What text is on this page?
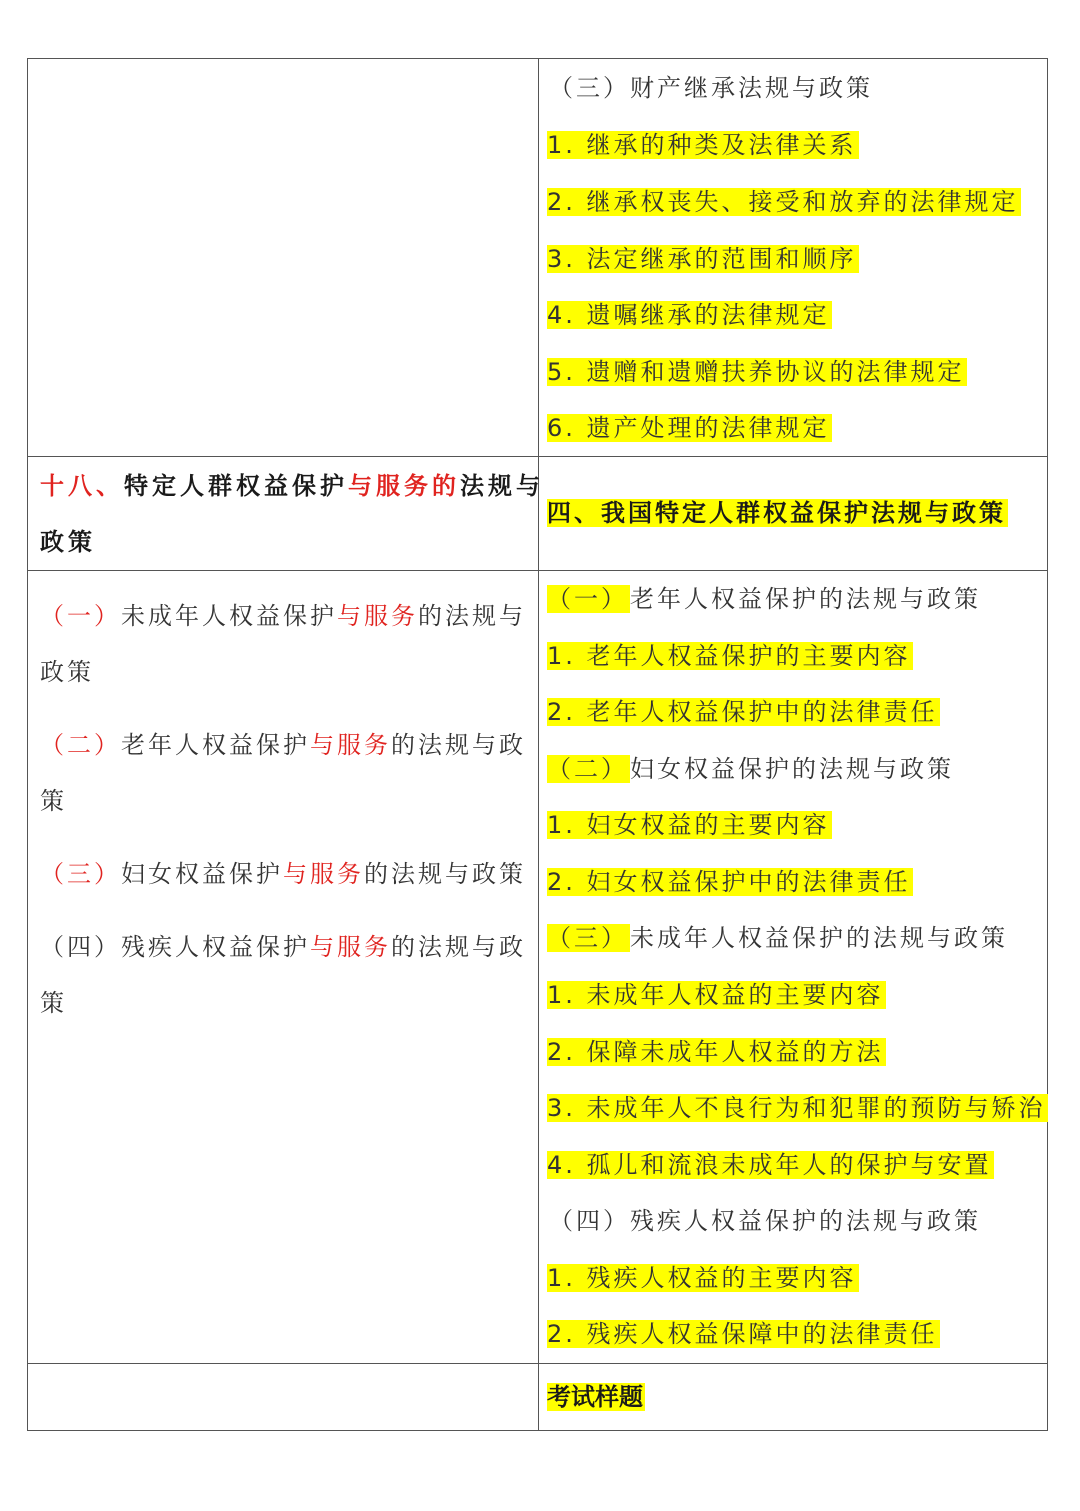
（三）财产继承法规与政策
1. 继承的种类及法律关系
2. 继承权丧失、接受和放弃的法律规定
3. 法定继承的范围和顺序
4. 遗嘱继承的法律规定
5. 遗赠和遗赠扶养协议的法律规定
6. 遗产处理的法律规定
十八、特定人群权益保护与服务的法规与
政策
四、我国特定人群权益保护法规与政策
（一）未成年人权益保护与服务的法规与
政策
（二）老年人权益保护与服务的法规与政
策
（三）妇女权益保护与服务的法规与政策
（四）残疾人权益保护与服务的法规与政
策
（一）老年人权益保护的法规与政策
1. 老年人权益保护的主要内容
2. 老年人权益保护中的法律责任
（二）妇女权益保护的法规与政策
1. 妇女权益的主要内容
2. 妇女权益保护中的法律责任
（三）未成年人权益保护的法规与政策
1. 未成年人权益的主要内容
2. 保障未成年人权益的方法
3. 未成年人不良行为和犯罪的预防与矫治
4. 孤儿和流浪未成年人的保护与安置
（四）残疾人权益保护的法规与政策
1. 残疾人权益的主要内容
2. 残疾人权益保障中的法律责任
考试样题
